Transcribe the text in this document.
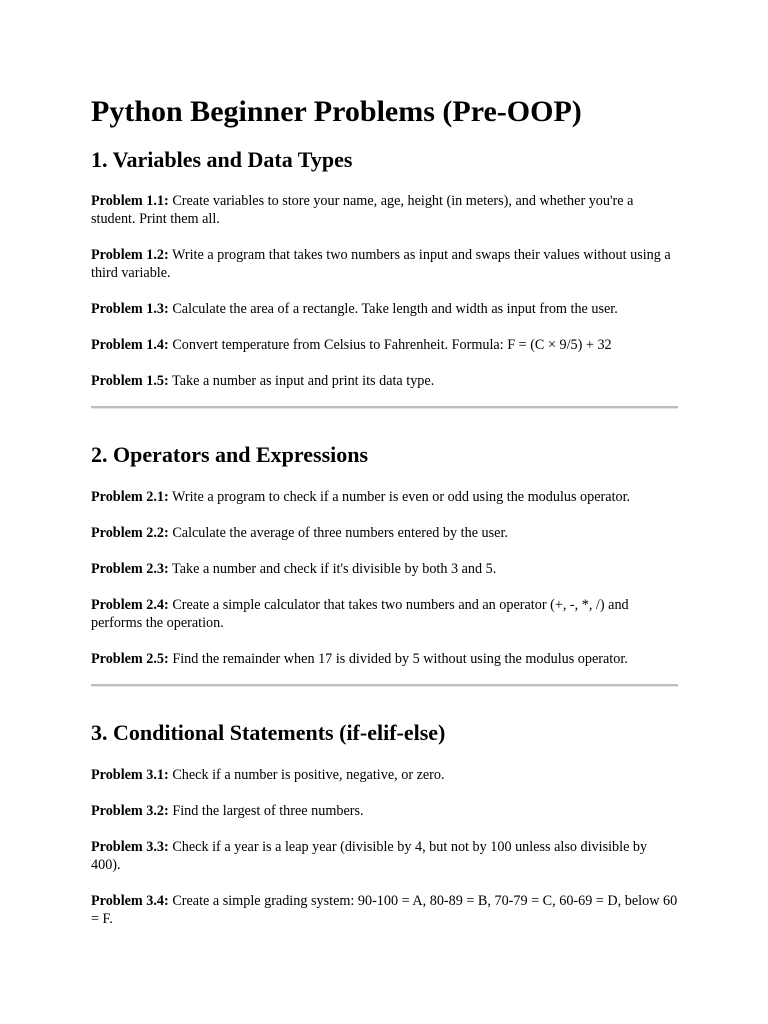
Python Beginner Problems (Pre-OOP)
1. Variables and Data Types

Problem 1.1: Create variables to store your name, age, height (in meters), and whether you're a student. Print them all.

Problem 1.2: Write a program that takes two numbers as input and swaps their values without using a third variable.

Problem 1.3: Calculate the area of a rectangle. Take length and width as input from the user.

Problem 1.4: Convert temperature from Celsius to Fahrenheit. Formula: F = (C × 9/5) + 32

Problem 1.5: Take a number as input and print its data type.

2. Operators and Expressions

Problem 2.1: Write a program to check if a number is even or odd using the modulus operator.

Problem 2.2: Calculate the average of three numbers entered by the user.

Problem 2.3: Take a number and check if it's divisible by both 3 and 5.

Problem 2.4: Create a simple calculator that takes two numbers and an operator (+, -, *, /) and performs the operation.

Problem 2.5: Find the remainder when 17 is divided by 5 without using the modulus operator.

3. Conditional Statements (if-elif-else)

Problem 3.1: Check if a number is positive, negative, or zero.

Problem 3.2: Find the largest of three numbers.

Problem 3.3: Check if a year is a leap year (divisible by 4, but not by 100 unless also divisible by 400).

Problem 3.4: Create a simple grading system: 90-100 = A, 80-89 = B, 70-79 = C, 60-69 = D, below 60 = F.
